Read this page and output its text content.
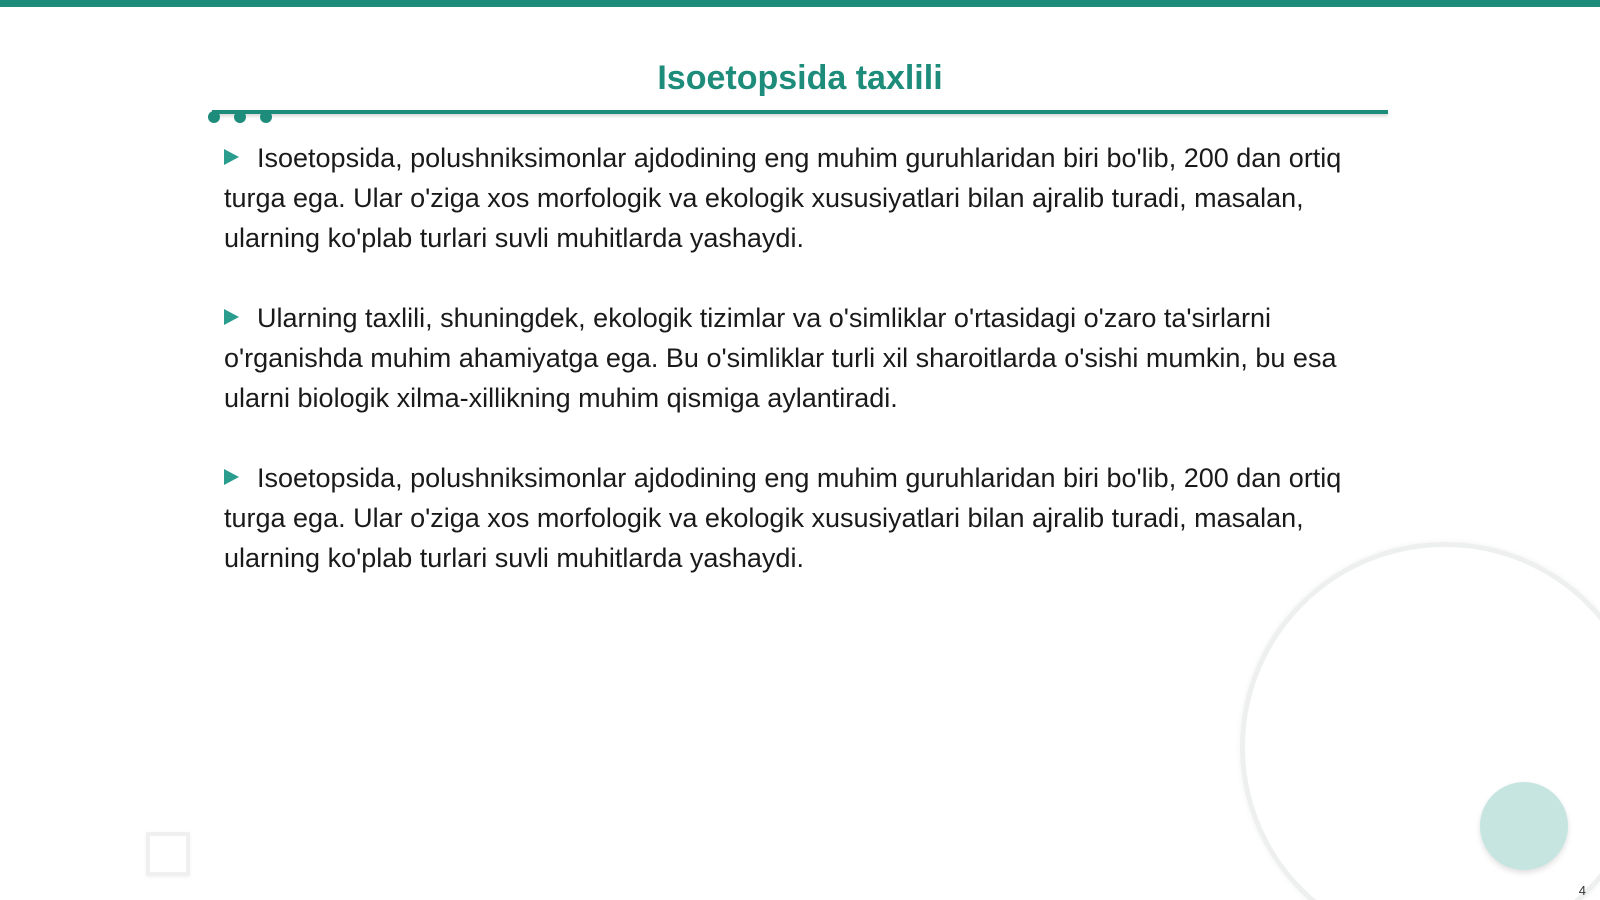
Isoetopsida taxlili

Isoetopsida, polushniksimonlar ajdodining eng muhim guruhlaridan biri bo'lib, 200 dan ortiq turga ega. Ular o'ziga xos morfologik va ekologik xususiyatlari bilan ajralib turadi, masalan, ularning ko'plab turlari suvli muhitlarda yashaydi.

Ularning taxlili, shuningdek, ekologik tizimlar va o'simliklar o'rtasidagi o'zaro ta'sirlarni o'rganishda muhim ahamiyatga ega. Bu o'simliklar turli xil sharoitlarda o'sishi mumkin, bu esa ularni biologik xilma-xillikning muhim qismiga aylantiradi.

Isoetopsida, polushniksimonlar ajdodining eng muhim guruhlaridan biri bo'lib, 200 dan ortiq turga ega. Ular o'ziga xos morfologik va ekologik xususiyatlari bilan ajralib turadi, masalan, ularning ko'plab turlari suvli muhitlarda yashaydi.

4
